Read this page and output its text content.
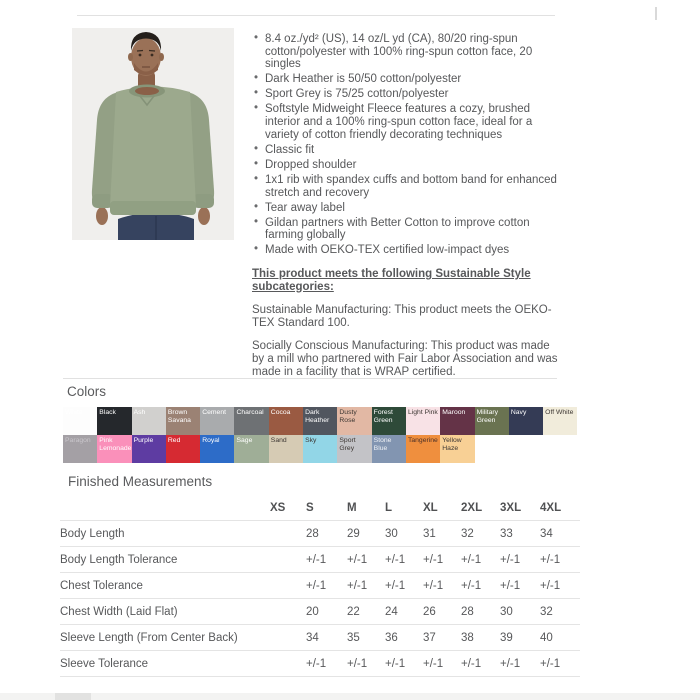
• 8.4 oz./yd² (US), 14 oz/L yd (CA), 80/20 ring-spun cotton/polyester with 100% ring-spun cotton face, 20 singles
• Dark Heather is 50/50 cotton/polyester
• Sport Grey is 75/25 cotton/polyester
• Softstyle Midweight Fleece features a cozy, brushed interior and a 100% ring-spun cotton face, ideal for a variety of cotton friendly decorating techniques
• Classic fit
• Dropped shoulder
• 1x1 rib with spandex cuffs and bottom band for enhanced stretch and recovery
• Tear away label
• Gildan partners with Better Cotton to improve cotton farming globally
• Made with OEKO-TEX certified low-impact dyes
This product meets the following Sustainable Style subcategories:

Sustainable Manufacturing: This product meets the OEKO-TEX Standard 100.

Socially Conscious Manufacturing: This product was made by a mill who partnered with Fair Labor Association and was made in a facility that is WRAP certified.

Colors
White	Black	Ash	Brown Savana
Cement	Charcoal	Cocoa	Dark Heather
Dusty Rose
Forest Green
Light Pink Maroon	Military Green
Navy	Off White
Paragon	Pink Lemonade
Purple	Red	Royal	Sage	Sand	Sky	Sport Grey
Stone Blue
Tangerine Yellow Haze
Finished Measurements
	XS	S	M	L	XL	2XL	3XL	4XL
Body Length		28	29	30	31	32	33	34
Body Length Tolerance		+/-1	+/-1	+/-1	+/-1	+/-1	+/-1	+/-1
Chest Tolerance		+/-1	+/-1	+/-1	+/-1	+/-1	+/-1	+/-1
Chest Width (Laid Flat)		20	22	24	26	28	30	32
Sleeve Length (From Center Back)		34	35	36	37	38	39	40
Sleeve Tolerance		+/-1	+/-1	+/-1	+/-1	+/-1	+/-1	+/-1
